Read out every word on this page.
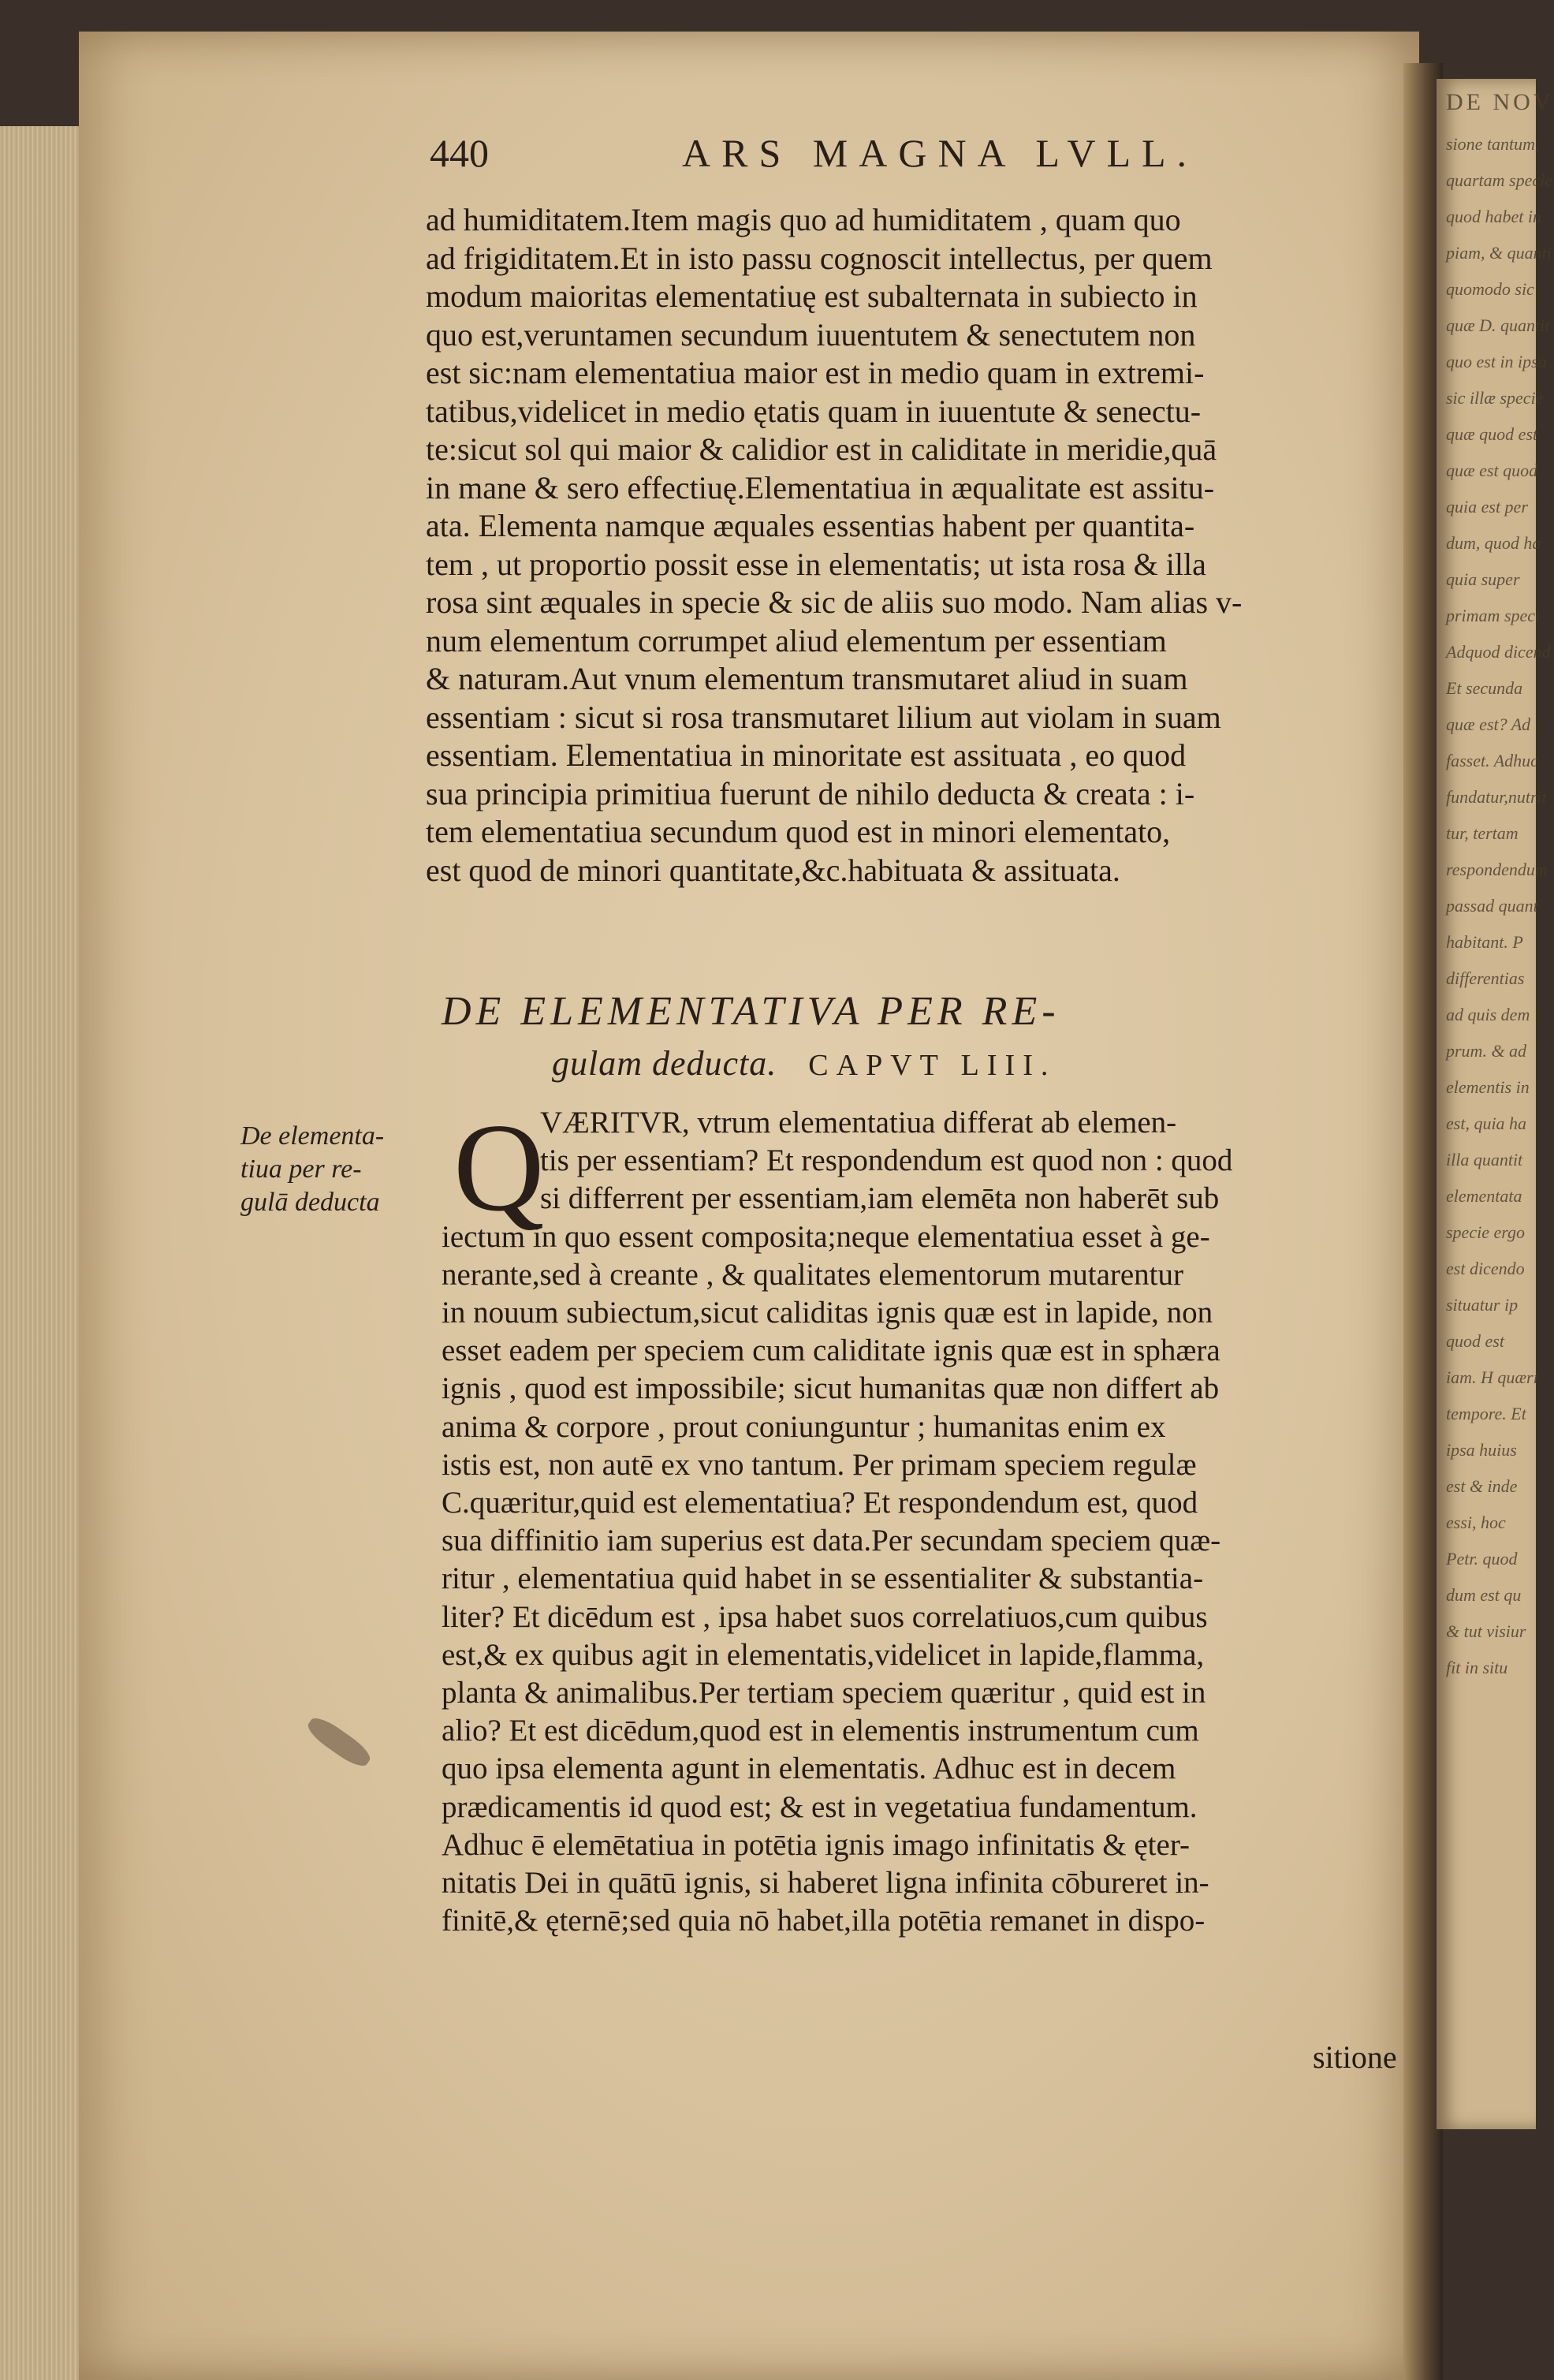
DE NOV
sione tantum,
quartam specie
quod habet in
piam, & quanti
quomodo sic
quæ D. quantit
quo est in ipsa
sic illæ specie
quæ quod est
quæ est quod
quia est per
dum, quod ha
quia super
primam speci
Adquod dicend
Et secunda
quæ est? Ad
fasset. Adhuc
fundatur,nutrit
tur, tertam
respondendum
passad quant
habitant. P
differentias
ad quis dem
prum. & ad
elementis in
est, quia ha
illa quantit
elementata
specie ergo
est dicendo
situatur ip
quod est
iam. H quæri
tempore. Et
ipsa huius
est & inde
essi, hoc
Petr. quod
dum est qu
& tut visiur
fit in situ
440	ARS MAGNA LVLL.
ad humiditatem.Item magis quo ad humiditatem , quam quo
ad frigiditatem.Et in isto passu cognoscit intellectus, per quem
modum maioritas elementatiuę est subalternata in subiecto in
quo est,veruntamen secundum iuuentutem & senectutem non
est sic:nam elementatiua maior est in medio quam in extremi-
tatibus,videlicet in medio ętatis quam in iuuentute & senectu-
te:sicut sol qui maior & calidior est in caliditate in meridie,quā
in mane & sero effectiuę.Elementatiua in æqualitate est assitu-
ata. Elementa namque æquales essentias habent per quantita-
tem , ut proportio possit esse in elementatis; ut ista rosa & illa
rosa sint æquales in specie & sic de aliis suo modo. Nam alias v-
num elementum corrumpet aliud elementum per essentiam
& naturam.Aut vnum elementum transmutaret aliud in suam
essentiam : sicut si rosa transmutaret lilium aut violam in suam
essentiam. Elementatiua in minoritate est assituata , eo quod
sua principia primitiua fuerunt de nihilo deducta & creata : i-
tem elementatiua secundum quod est in minori elementato,
est quod de minori quantitate,&c.habituata & assituata.
DE ELEMENTATIVA PER RE-
gulam deducta. CAPVT LIII.
De elementa-
tiua per re-
gulā deducta Q
VÆRITVR, vtrum elementatiua differat ab elemen-
tis per essentiam? Et respondendum est quod non : quod
si differrent per essentiam,iam elemēta non haberēt sub
iectum in quo essent composita;neque elementatiua esset à ge-
nerante,sed à creante , & qualitates elementorum mutarentur
in nouum subiectum,sicut caliditas ignis quæ est in lapide, non
esset eadem per speciem cum caliditate ignis quæ est in sphæra
ignis , quod est impossibile; sicut humanitas quæ non differt ab
anima & corpore , prout coniunguntur ; humanitas enim ex
istis est, non autē ex vno tantum. Per primam speciem regulæ
C.quæritur,quid est elementatiua? Et respondendum est, quod
sua diffinitio iam superius est data.Per secundam speciem quæ-
ritur , elementatiua quid habet in se essentialiter & substantia-
liter? Et dicēdum est , ipsa habet suos correlatiuos,cum quibus
est,& ex quibus agit in elementatis,videlicet in lapide,flamma,
planta & animalibus.Per tertiam speciem quæritur , quid est in
alio? Et est dicēdum,quod est in elementis instrumentum cum
quo ipsa elementa agunt in elementatis. Adhuc est in decem
prædicamentis id quod est; & est in vegetatiua fundamentum.
Adhuc ē elemētatiua in potētia ignis imago infinitatis & ęter-
nitatis Dei in quātū ignis, si haberet ligna infinita cōbureret in-
finitē,& ęternē;sed quia nō habet,illa potētia remanet in dispo-
sitione
